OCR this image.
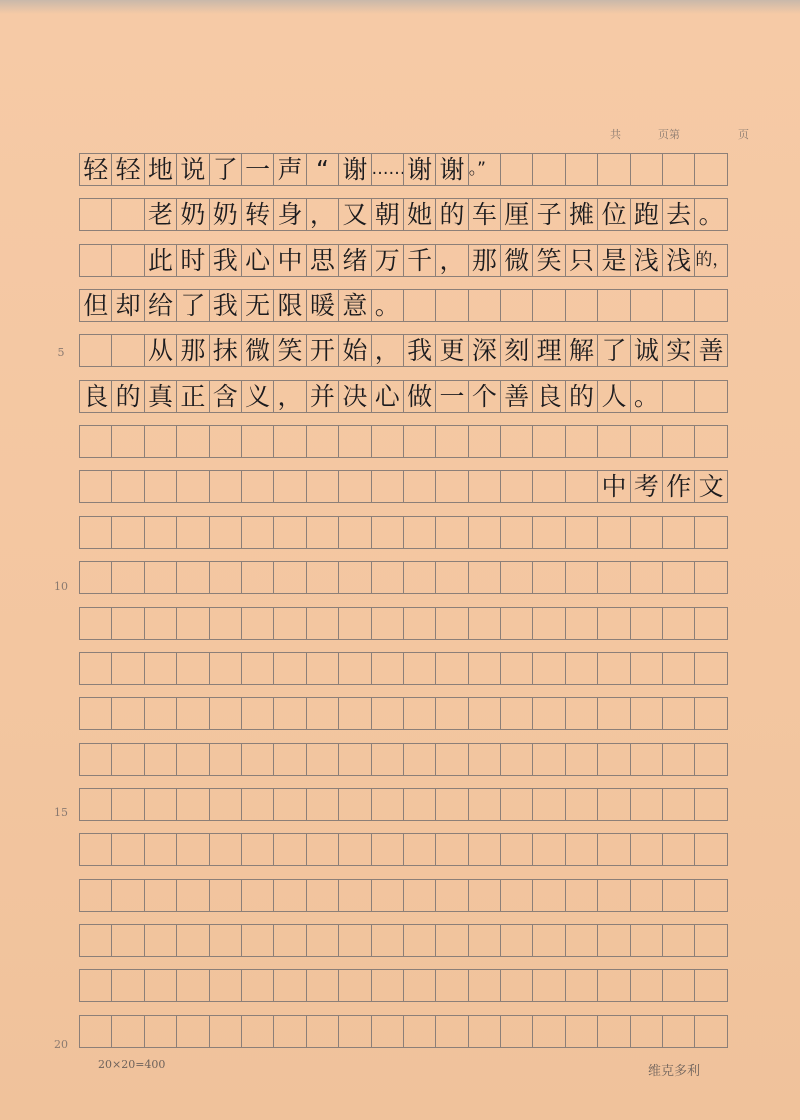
共	页第	页
5
10
15
20
轻 轻 地 说 了 一 声 “ 谢 …… 谢 谢 。”
老 奶 奶 转 身 ， 又 朝 她 的 车 厘 子 摊 位 跑 去 。
此 时 我 心 中 思 绪 万 千 ， 那 微 笑 只 是 浅 浅 的，
但 却 给 了 我 无 限 暖 意 。
从 那 抹 微 笑 开 始 ， 我 更 深 刻 理 解 了 诚 实 善
良 的 真 正 含 义 ， 并 决 心 做 一 个 善 良 的 人 。
中 考 作 文
20×20=400	维克多利
